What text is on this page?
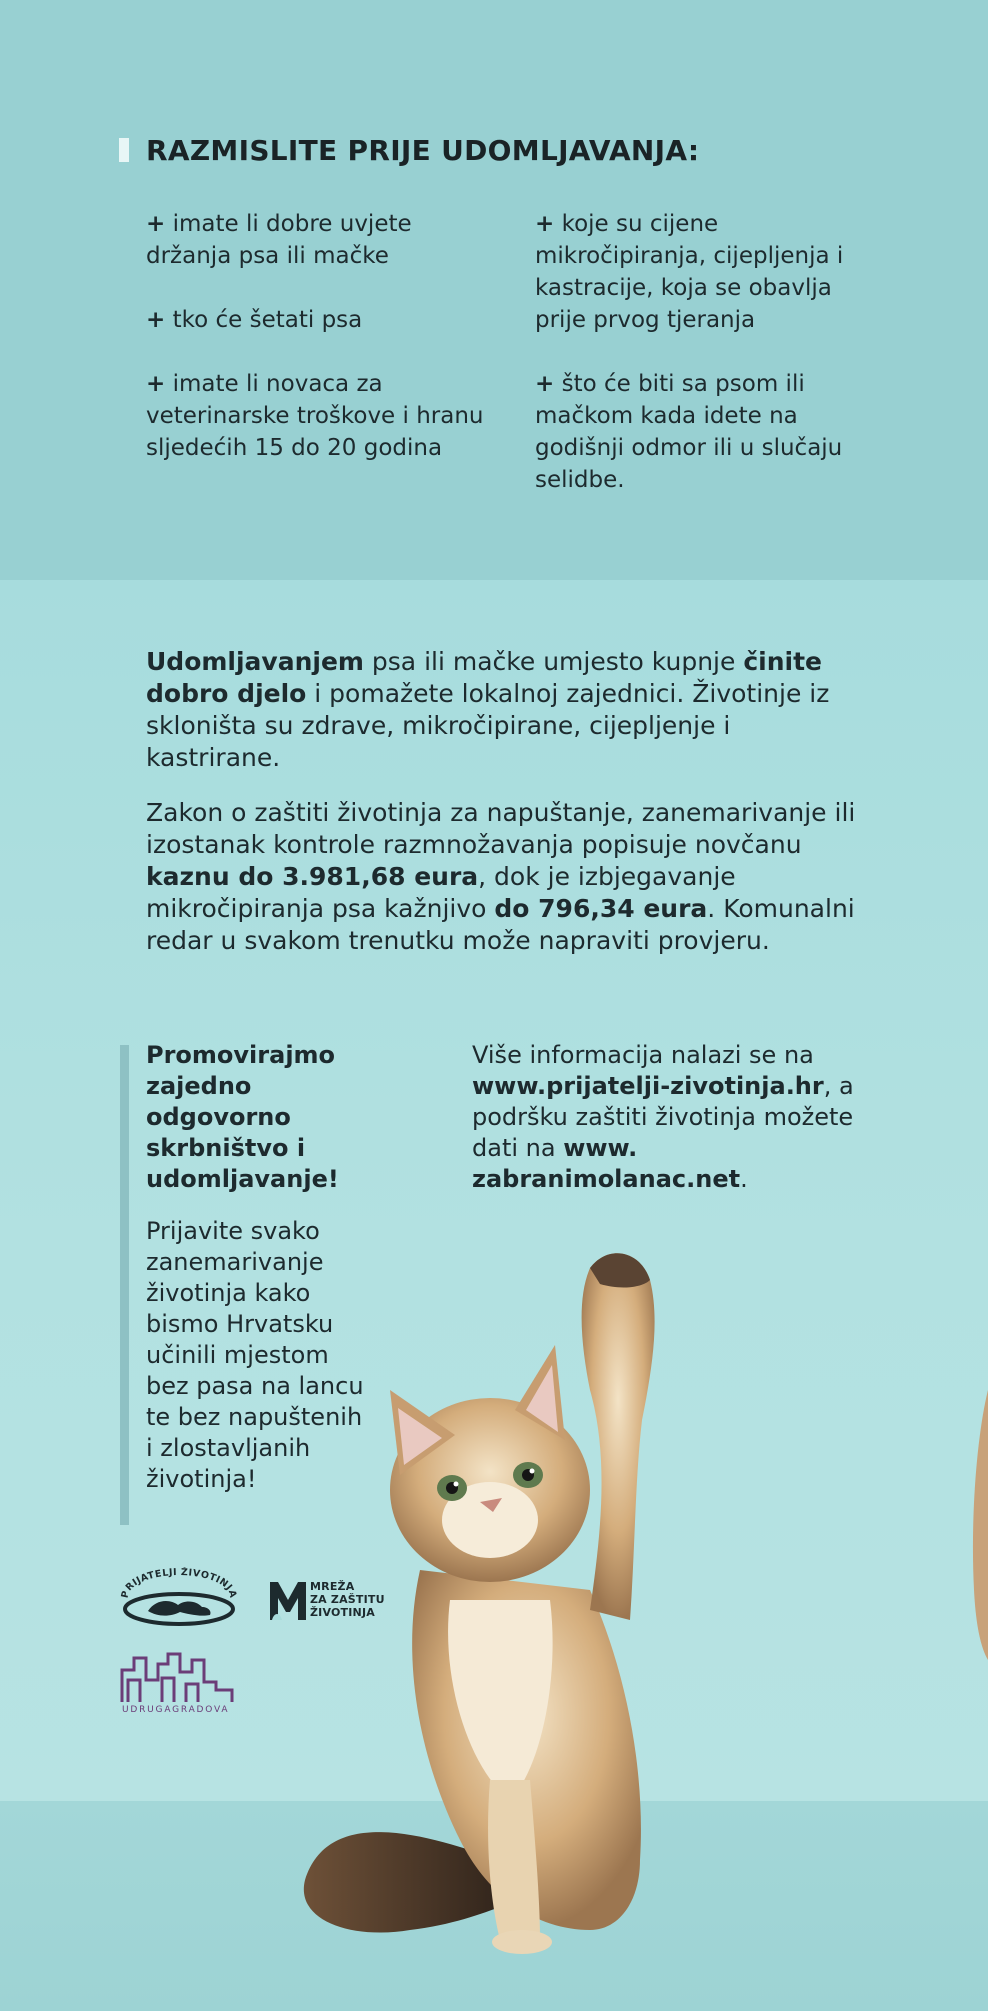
RAZMISLITE PRIJE UDOMLJAVANJA:

+ imate li dobre uvjete držanja psa ili mačke

+ tko će šetati psa

+ imate li novaca za veterinarske troškove i hranu sljedećih 15 do 20 godina

+ koje su cijene mikročipiranja, cijepljenja i kastracije, koja se obavlja prije prvog tjeranja

+ što će biti sa psom ili mačkom kada idete na godišnji odmor ili u slučaju selidbe.

Udomljavanjem psa ili mačke umjesto kupnje činite dobro djelo i pomažete lokalnoj zajednici. Životinje iz skloništa su zdrave, mikročipirane, cijepljenje i kastrirane.

Zakon o zaštiti životinja za napuštanje, zanemarivanje ili izostanak kontrole razmnožavanja popisuje novčanu kaznu do 3.981,68 eura, dok je izbjegavanje mikročipiranja psa kažnjivo do 796,34 eura. Komunalni redar u svakom trenutku može napraviti provjeru.

Promovirajmo zajedno odgovorno skrbništvo i udomljavanje!

Prijavite svako zanemarivanje životinja kako bismo Hrvatsku učinili mjestom bez pasa na lancu te bez napuštenih i zlostavljanih životinja!

Više informacija nalazi se na www.prijatelji-zivotinja.hr, a podršku zaštiti životinja možete dati na www. zabranimolanac.net.

PRIJATELJI ŽIVOTINJA
MREŽA
ZA ZAŠTITU
ŽIVOTINJA
UDRUGAGRADOVA
